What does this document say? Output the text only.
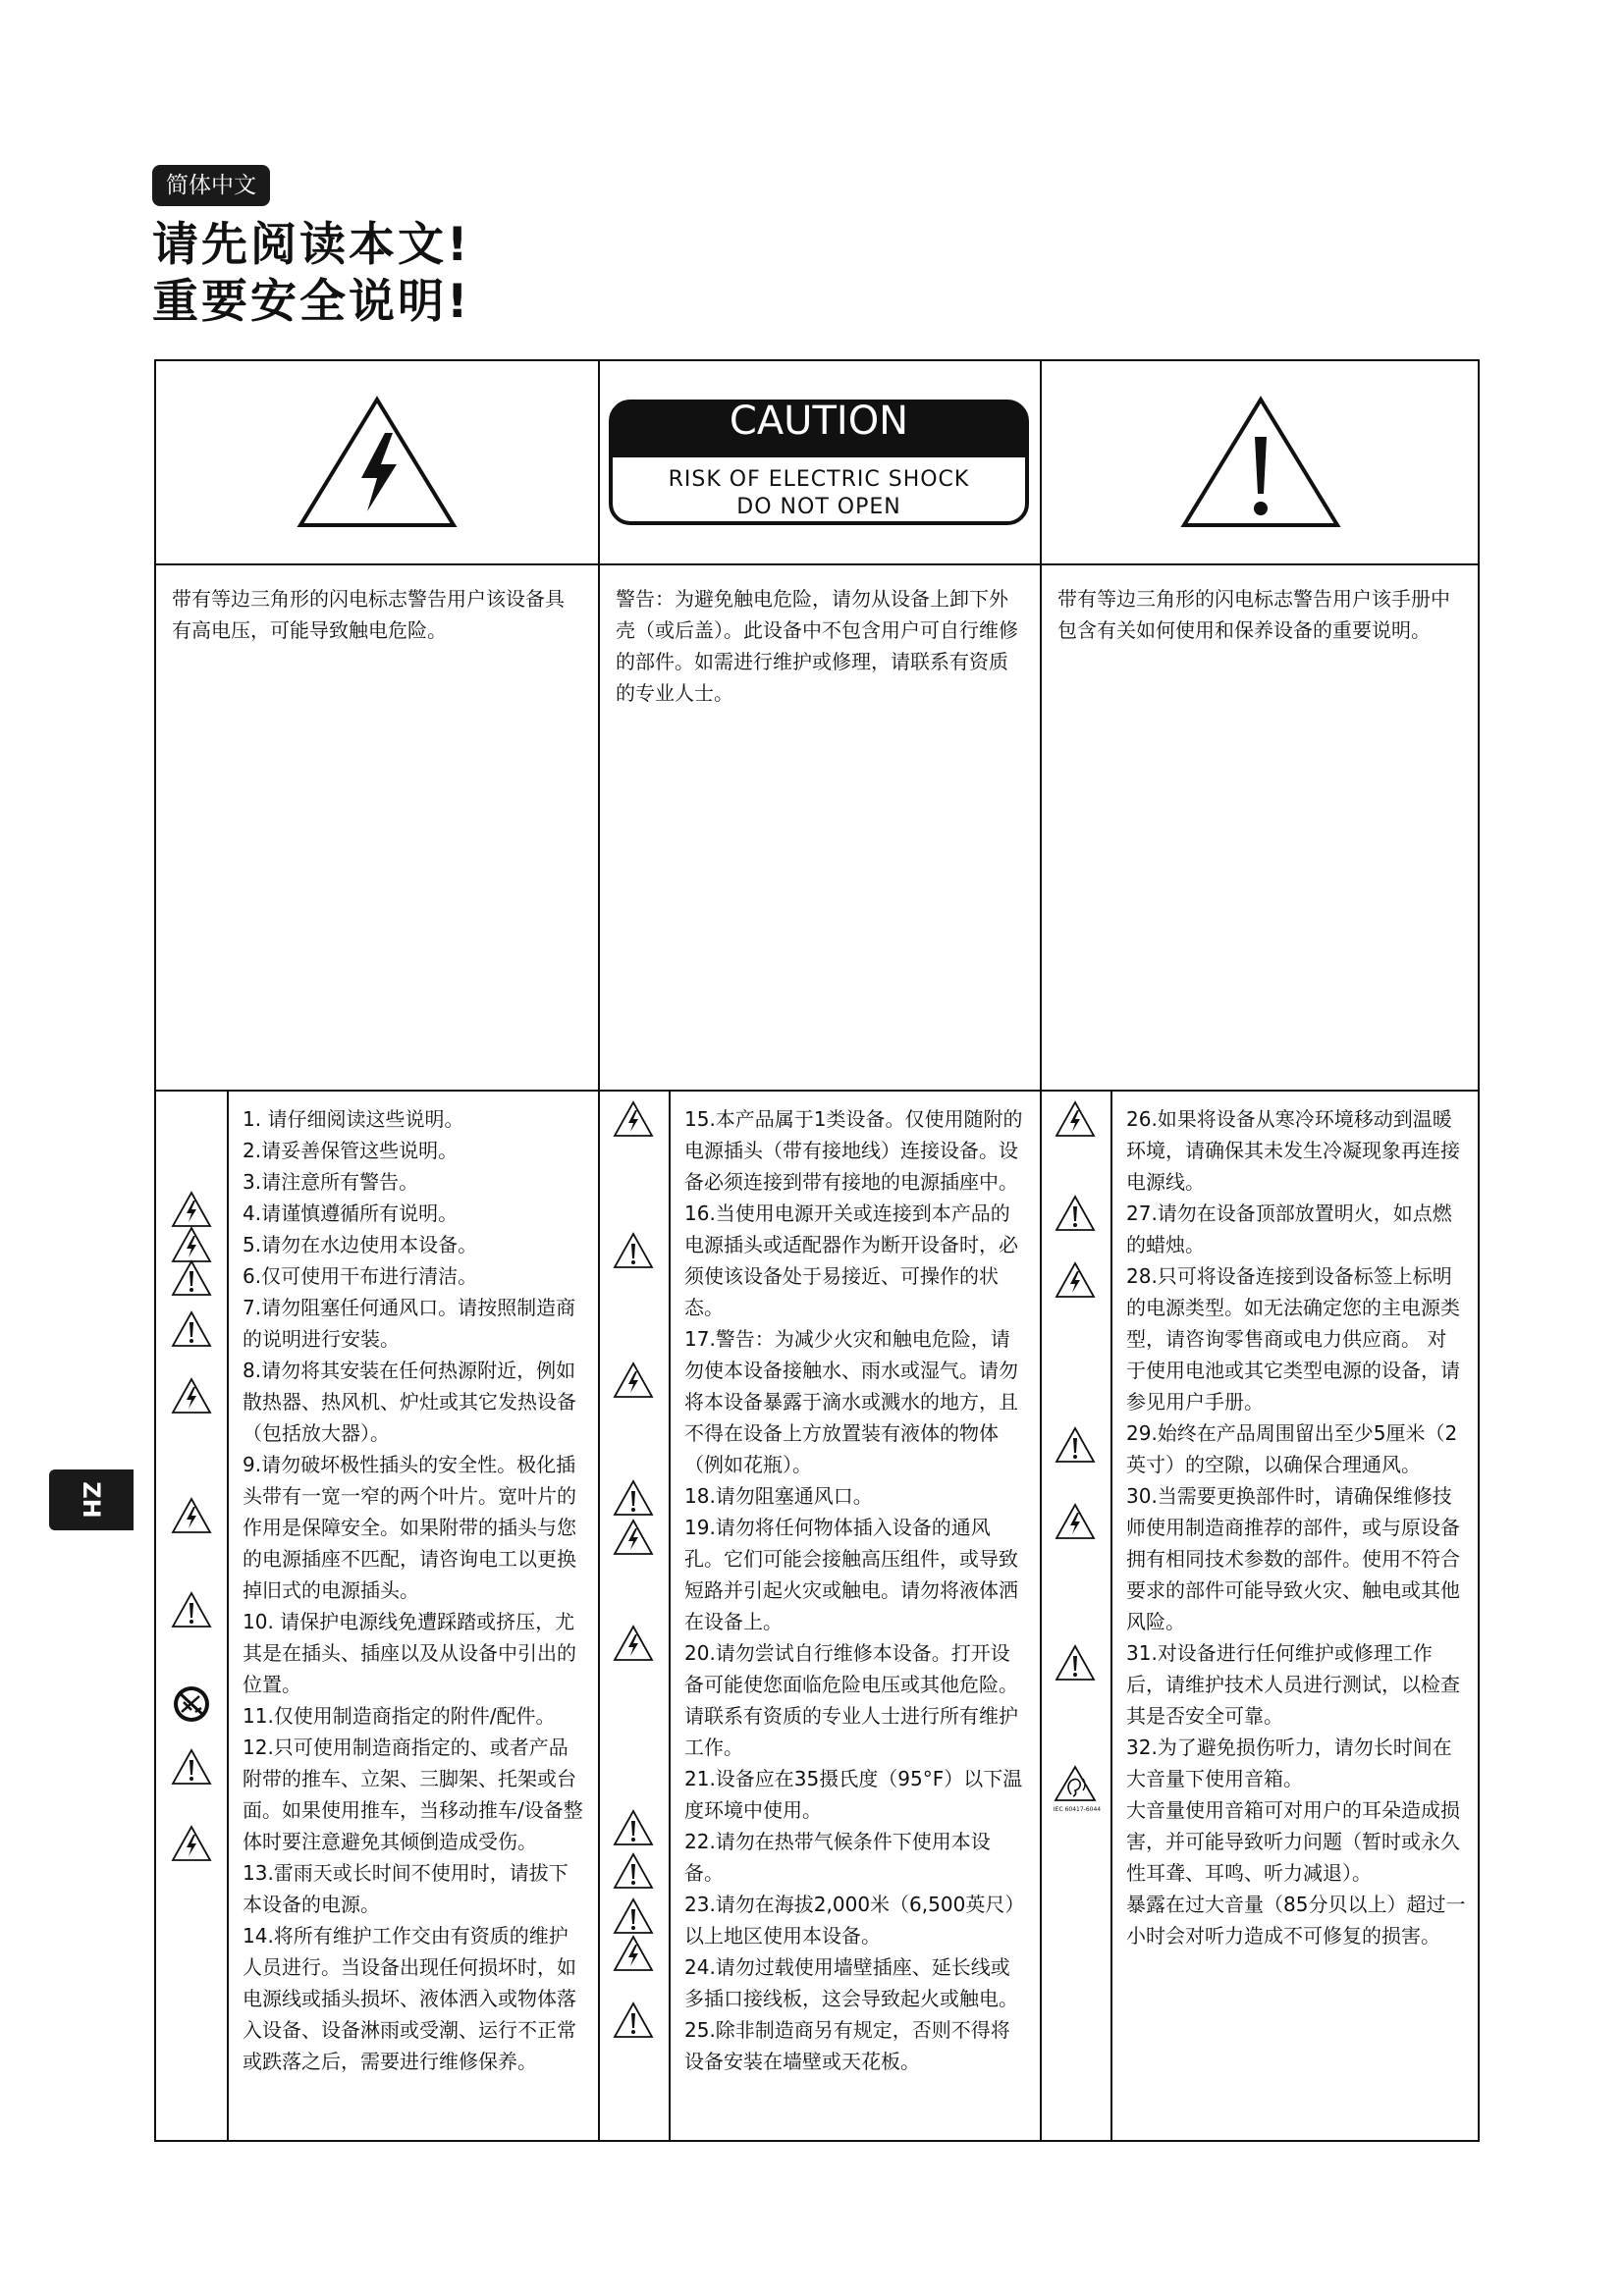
简体中文
请先阅读本文!
重要安全说明!
CAUTION
RISK OF ELECTRIC SHOCK
DO NOT OPEN
带有等边三角形的闪电标志警告用户该设备具有高电压，可能导致触电危险。
警告：为避免触电危险，请勿从设备上卸下外壳（或后盖）。此设备中不包含用户可自行维修的部件。如需进行维护或修理，请联系有资质的专业人士。
带有等边三角形的闪电标志警告用户该手册中包含有关如何使用和保养设备的重要说明。
IEC 60417-6044

1. 请仔细阅读这些说明。

2.请妥善保管这些说明。

3.请注意所有警告。

4.请谨慎遵循所有说明。

5.请勿在水边使用本设备。

6.仅可使用干布进行清洁。

7.请勿阻塞任何通风口。请按照制造商的说明进行安装。

8.请勿将其安装在任何热源附近，例如散热器、热风机、炉灶或其它发热设备（包括放大器）。

9.请勿破坏极性插头的安全性。极化插头带有一宽一窄的两个叶片。宽叶片的作用是保障安全。如果附带的插头与您的电源插座不匹配，请咨询电工以更换掉旧式的电源插头。

10. 请保护电源线免遭踩踏或挤压，尤其是在插头、插座以及从设备中引出的位置。

11.仅使用制造商指定的附件/配件。

12.只可使用制造商指定的、或者产品附带的推车、立架、三脚架、托架或台面。如果使用推车，当移动推车/设备整体时要注意避免其倾倒造成受伤。

13.雷雨天或长时间不使用时，请拔下本设备的电源。

14.将所有维护工作交由有资质的维护人员进行。当设备出现任何损坏时，如电源线或插头损坏、液体洒入或物体落入设备、设备淋雨或受潮、运行不正常或跌落之后，需要进行维修保养。

15.本产品属于1类设备。仅使用随附的电源插头（带有接地线）连接设备。设备必须连接到带有接地的电源插座中。

16.当使用电源开关或连接到本产品的电源插头或适配器作为断开设备时，必须使该设备处于易接近、可操作的状态。

17.警告：为减少火灾和触电危险，请勿使本设备接触水、雨水或湿气。请勿将本设备暴露于滴水或溅水的地方，且不得在设备上方放置装有液体的物体（例如花瓶）。

18.请勿阻塞通风口。

19.请勿将任何物体插入设备的通风孔。它们可能会接触高压组件，或导致短路并引起火灾或触电。请勿将液体洒在设备上。

20.请勿尝试自行维修本设备。打开设备可能使您面临危险电压或其他危险。请联系有资质的专业人士进行所有维护工作。

21.设备应在35摄氏度（95°F）以下温度环境中使用。

22.请勿在热带气候条件下使用本设备。

23.请勿在海拔2,000米（6,500英尺）以上地区使用本设备。

24.请勿过载使用墙壁插座、延长线或多插口接线板，这会导致起火或触电。

25.除非制造商另有规定，否则不得将设备安装在墙壁或天花板。

26.如果将设备从寒冷环境移动到温暖环境，请确保其未发生冷凝现象再连接电源线。

27.请勿在设备顶部放置明火，如点燃的蜡烛。

28.只可将设备连接到设备标签上标明的电源类型。如无法确定您的主电源类型，请咨询零售商或电力供应商。 对于使用电池或其它类型电源的设备，请参见用户手册。

29.始终在产品周围留出至少5厘米（2英寸）的空隙，以确保合理通风。

30.当需要更换部件时，请确保维修技师使用制造商推荐的部件，或与原设备拥有相同技术参数的部件。使用不符合要求的部件可能导致火灾、触电或其他风险。

31.对设备进行任何维护或修理工作后，请维护技术人员进行测试，以检查其是否安全可靠。

32.为了避免损伤听力，请勿长时间在大音量下使用音箱。

大音量使用音箱可对用户的耳朵造成损害，并可能导致听力问题（暂时或永久性耳聋、耳鸣、听力减退）。

暴露在过大音量（85分贝以上）超过一小时会对听力造成不可修复的损害。

ZH
